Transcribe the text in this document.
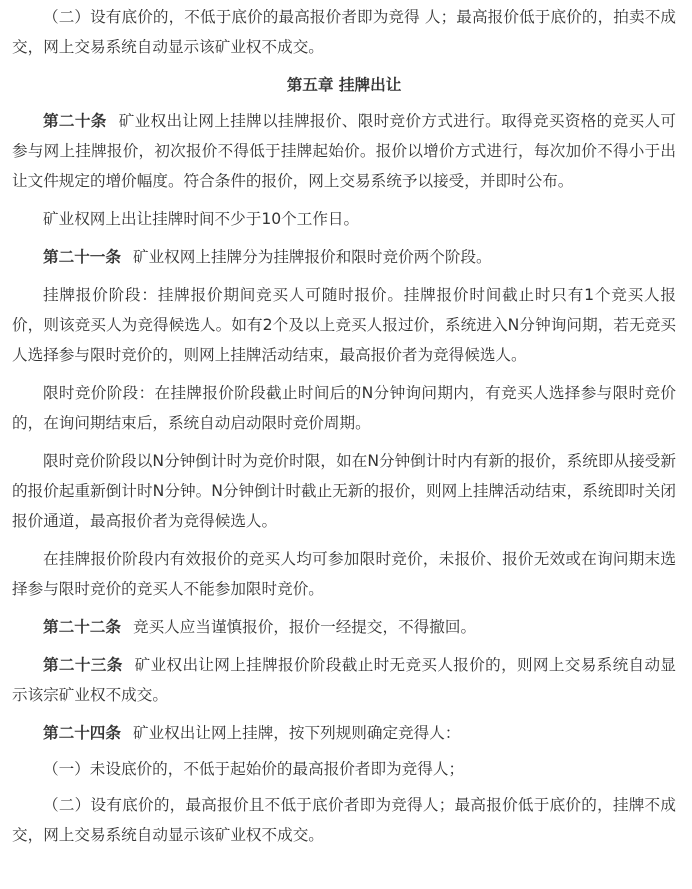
（二）设有底价的，不低于底价的最高报价者即为竞得 人；最高报价低于底价的，拍卖不成交，网上交易系统自动显示该矿业权不成交。

第五章 挂牌出让

第二十条 矿业权出让网上挂牌以挂牌报价、限时竞价方式进行。取得竞买资格的竞买人可参与网上挂牌报价，初次报价不得低于挂牌起始价。报价以增价方式进行，每次加价不得小于出让文件规定的增价幅度。符合条件的报价，网上交易系统予以接受，并即时公布。

矿业权网上出让挂牌时间不少于10个工作日。

第二十一条 矿业权网上挂牌分为挂牌报价和限时竞价两个阶段。

挂牌报价阶段：挂牌报价期间竞买人可随时报价。挂牌报价时间截止时只有1个竞买人报价，则该竞买人为竞得候选人。如有2个及以上竞买人报过价，系统进入N分钟询问期，若无竞买人选择参与限时竞价的，则网上挂牌活动结束，最高报价者为竞得候选人。

限时竞价阶段：在挂牌报价阶段截止时间后的N分钟询问期内，有竞买人选择参与限时竞价的，在询问期结束后，系统自动启动限时竞价周期。

限时竞价阶段以N分钟倒计时为竞价时限，如在N分钟倒计时内有新的报价，系统即从接受新的报价起重新倒计时N分钟。N分钟倒计时截止无新的报价，则网上挂牌活动结束，系统即时关闭报价通道，最高报价者为竞得候选人。

在挂牌报价阶段内有效报价的竞买人均可参加限时竞价，未报价、报价无效或在询问期末选择参与限时竞价的竞买人不能参加限时竞价。

第二十二条 竞买人应当谨慎报价，报价一经提交，不得撤回。

第二十三条 矿业权出让网上挂牌报价阶段截止时无竞买人报价的，则网上交易系统自动显示该宗矿业权不成交。

第二十四条 矿业权出让网上挂牌，按下列规则确定竞得人：

（一）未设底价的，不低于起始价的最高报价者即为竞得人；

（二）设有底价的，最高报价且不低于底价者即为竞得人；最高报价低于底价的，挂牌不成交，网上交易系统自动显示该矿业权不成交。
